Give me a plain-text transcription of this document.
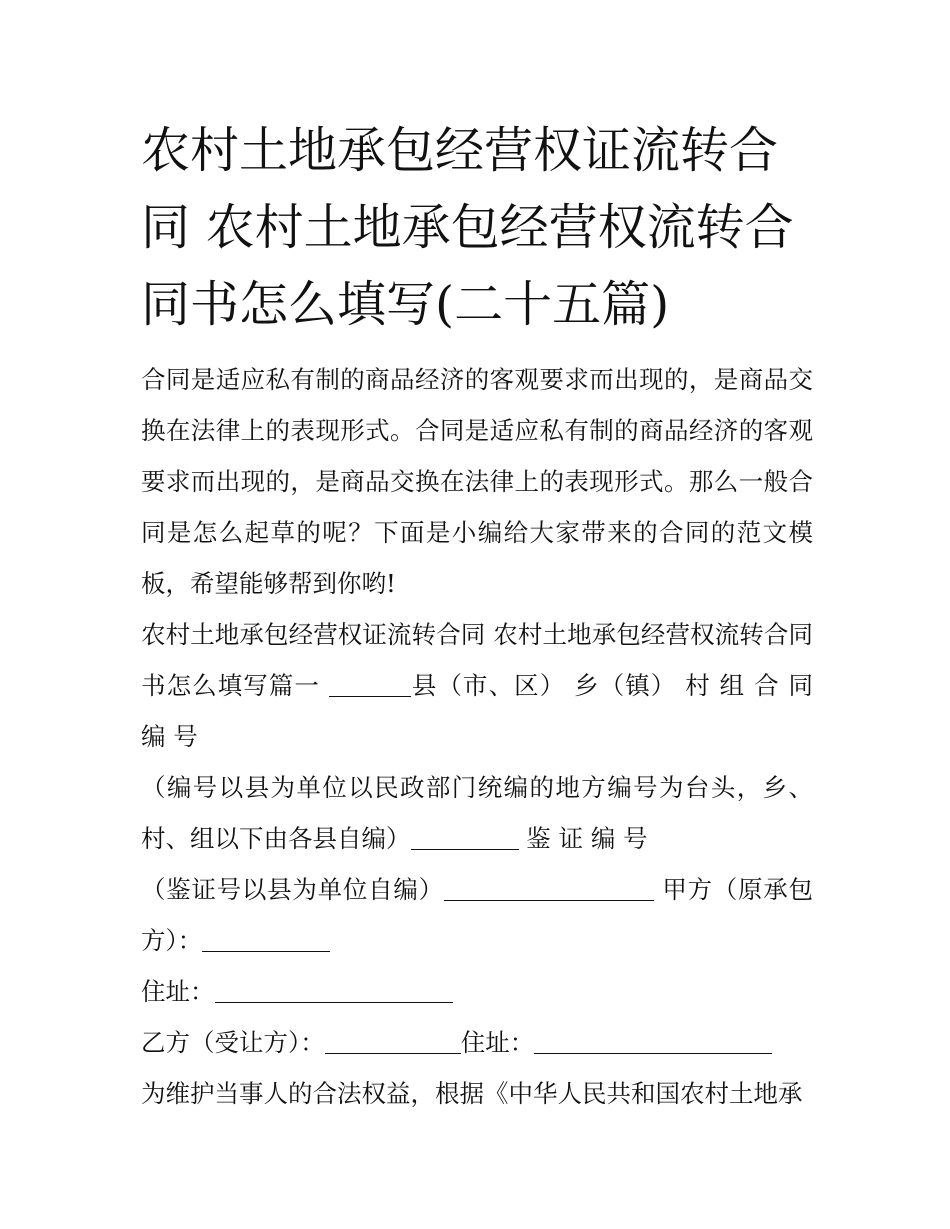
农村土地承包经营权证流转合同 农村土地承包经营权流转合同书怎么填写(二十五篇)

合同是适应私有制的商品经济的客观要求而出现的，是商品交换在法律上的表现形式。合同是适应私有制的商品经济的客观要求而出现的，是商品交换在法律上的表现形式。那么一般合同是怎么起草的呢？下面是小编给大家带来的合同的范文模板，希望能够帮到你哟!

农村土地承包经营权证流转合同 农村土地承包经营权流转合同书怎么填写篇一	县（市、区） 乡（镇） 村 组 合 同 编 号

（编号以县为单位以民政部门统编的地方编号为台头，乡、村、组以下由各县自编）	鉴 证 编 号

（鉴证号以县为单位自编）	甲方（原承包方）：

住址：

乙方（受让方）：	住址：

为维护当事人的合法权益，根据《中华人民共和国农村土地承
